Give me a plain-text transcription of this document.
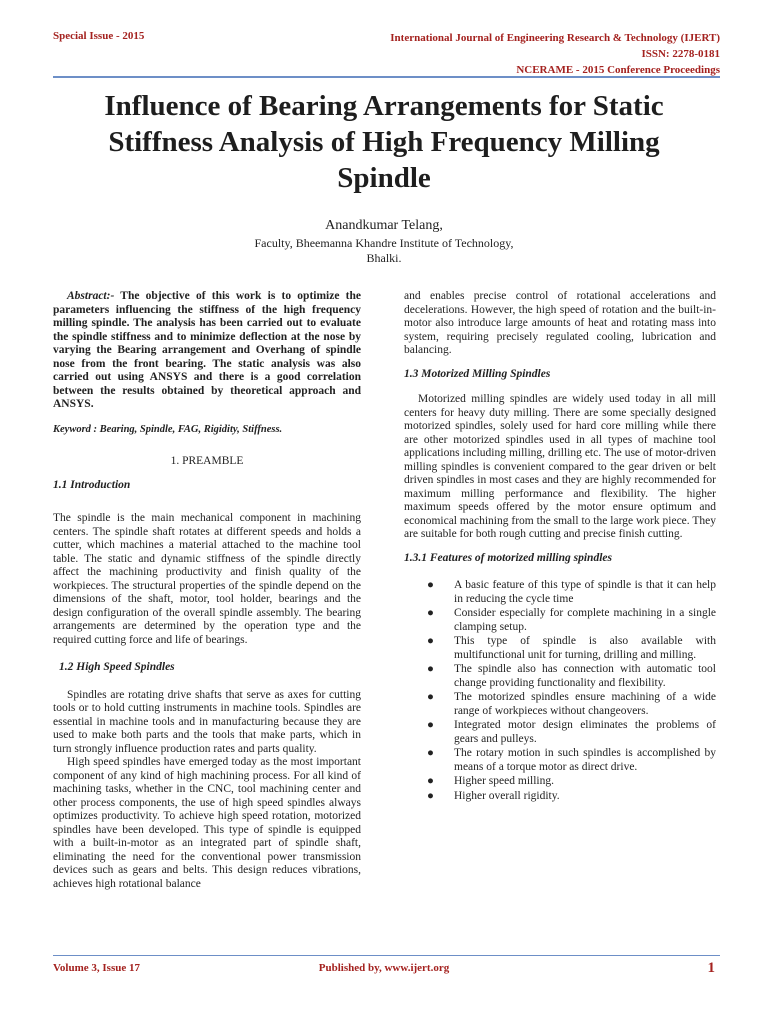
Special Issue - 2015	International Journal of Engineering Research & Technology (IJERT)
ISSN: 2278-0181
NCERAME - 2015 Conference Proceedings
Influence of Bearing Arrangements for Static
Stiffness Analysis of High Frequency Milling
Spindle
Anandkumar Telang,
Faculty, Bheemanna Khandre Institute of Technology,
Bhalki.

Abstract:- The objective of this work is to optimize the parameters influencing the stiffness of the high frequency milling spindle. The analysis has been carried out to evaluate the spindle stiffness and to minimize deflection at the nose by varying the Bearing arrangement and Overhang of spindle nose from the front bearing. The static analysis was also carried out using ANSYS and there is a good correlation between the results obtained by theoretical approach and ANSYS.

Keyword : Bearing, Spindle, FAG, Rigidity, Stiffness.

1. PREAMBLE

1.1 Introduction

The spindle is the main mechanical component in machining centers. The spindle shaft rotates at different speeds and holds a cutter, which machines a material attached to the machine tool table. The static and dynamic stiffness of the spindle directly affect the machining productivity and finish quality of the workpieces. The structural properties of the spindle depend on the dimensions of the shaft, motor, tool holder, bearings and the design configuration of the overall spindle assembly. The bearing arrangements are determined by the operation type and the required cutting force and life of bearings.

1.2 High Speed Spindles

Spindles are rotating drive shafts that serve as axes for cutting tools or to hold cutting instruments in machine tools. Spindles are essential in machine tools and in manufacturing because they are used to make both parts and the tools that make parts, which in turn strongly influence production rates and parts quality.

High speed spindles have emerged today as the most important component of any kind of high machining process. For all kind of machining tasks, whether in the CNC, tool machining center and other process components, the use of high speed spindles always optimizes productivity. To achieve high speed rotation, motorized spindles have been developed. This type of spindle is equipped with a built-in-motor as an integrated part of spindle shaft, eliminating the need for the conventional power transmission devices such as gears and belts. This design reduces vibrations, achieves high rotational balance

and enables precise control of rotational accelerations and decelerations. However, the high speed of rotation and the built-in-motor also introduce large amounts of heat and rotating mass into system, requiring precisely regulated cooling, lubrication and balancing.

1.3 Motorized Milling Spindles

Motorized milling spindles are widely used today in all mill centers for heavy duty milling. There are some specially designed motorized spindles, solely used for hard core milling while there are other motorized spindles used in all types of machine tool applications including milling, drilling etc. The use of motor-driven milling spindles is convenient compared to the gear driven or belt driven spindles in most cases and they are highly recommended for maximum milling performance and flexibility. The higher maximum speeds offered by the motor ensure optimum and economical machining from the small to the large work piece. They are suitable for both rough cutting and precise finish cutting.

1.3.1 Features of motorized milling spindles

● A basic feature of this type of spindle is that it can help in reducing the cycle time
● Consider especially for complete machining in a single clamping setup.
● This type of spindle is also available with multifunctional unit for turning, drilling and milling.
● The spindle also has connection with automatic tool change providing functionality and flexibility.
● The motorized spindles ensure machining of a wide range of workpieces without changeovers.
● Integrated motor design eliminates the problems of gears and pulleys.
● The rotary motion in such spindles is accomplished by means of a torque motor as direct drive.
● Higher speed milling.
● Higher overall rigidity.
Volume 3, Issue 17	Published by, www.ijert.org	1
